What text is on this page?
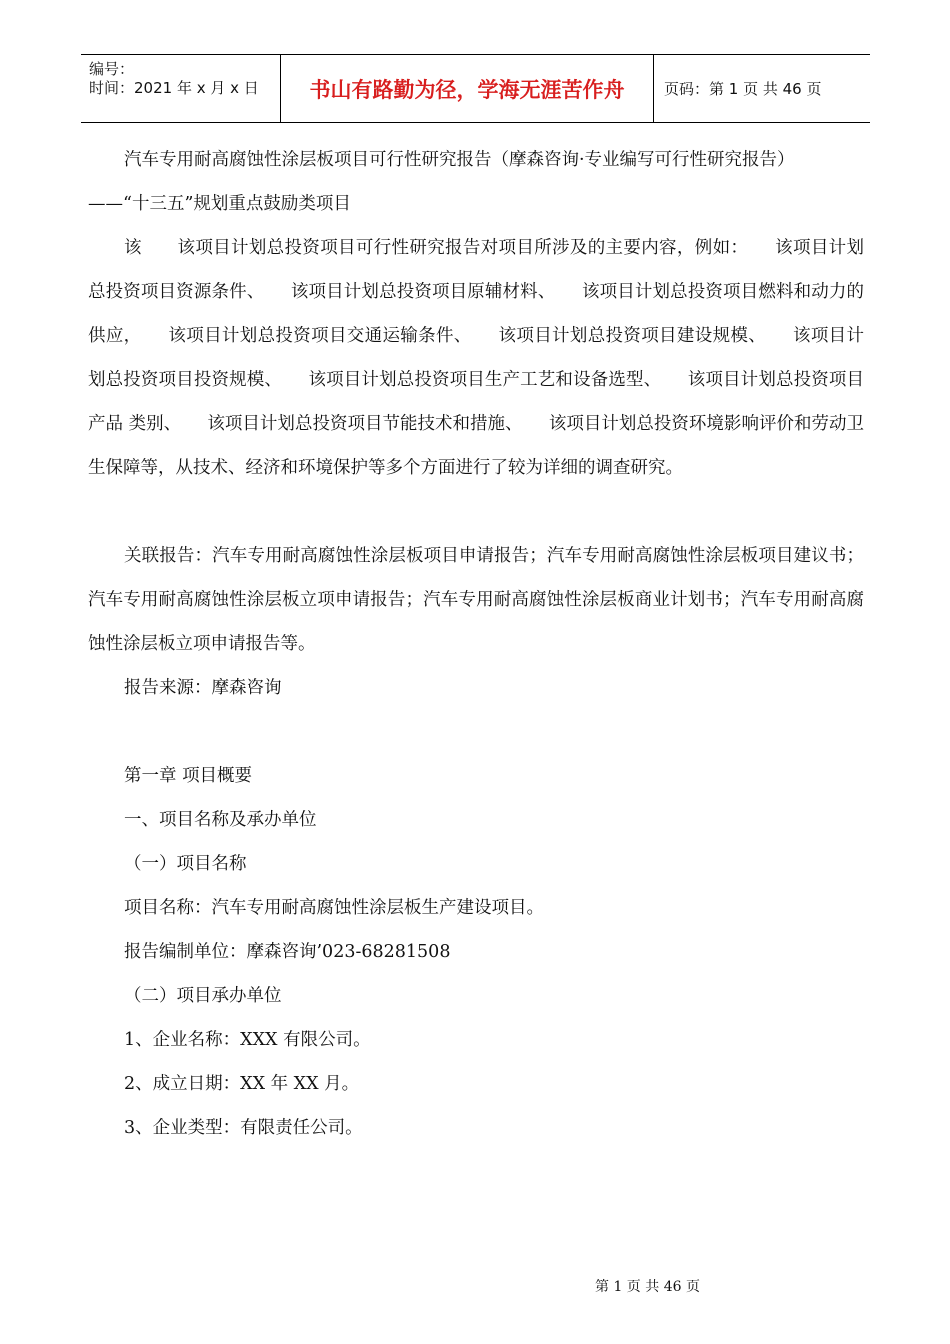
编号：
时间：2021 年 x 月 x 日	书山有路勤为径，学海无涯苦作舟	页码：第 1 页 共 46 页

汽车专用耐高腐蚀性涂层板项目可行性研究报告（摩森咨询·专业编写可行性研究报告）

——“十三五”规划重点鼓励类项目

该　　该项目计划总投资项目可行性研究报告对项目所涉及的主要内容，例如：　　该项目计划总投资项目资源条件、　　该项目计划总投资项目原辅材料、　　该项目计划总投资项目燃料和动力的供应，　　该项目计划总投资项目交通运输条件、　　该项目计划总投资项目建设规模、　　该项目计划总投资项目投资规模、　　该项目计划总投资项目生产工艺和设备选型、　　该项目计划总投资项目产品 类别、　　该项目计划总投资项目节能技术和措施、　　该项目计划总投资环境影响评价和劳动卫生保障等，从技术、经济和环境保护等多个方面进行了较为详细的调查研究。

关联报告：汽车专用耐高腐蚀性涂层板项目申请报告；汽车专用耐高腐蚀性涂层板项目建议书；汽车专用耐高腐蚀性涂层板立项申请报告；汽车专用耐高腐蚀性涂层板商业计划书；汽车专用耐高腐蚀性涂层板立项申请报告等。

报告来源：摩森咨询

第一章 项目概要

一、项目名称及承办单位

（一）项目名称

项目名称：汽车专用耐高腐蚀性涂层板生产建设项目。

报告编制单位：摩森咨询’023-68281508

（二）项目承办单位

1、企业名称：XXX 有限公司。

2、成立日期：XX 年 XX 月。

3、企业类型：有限责任公司。

第 1 页 共 46 页
